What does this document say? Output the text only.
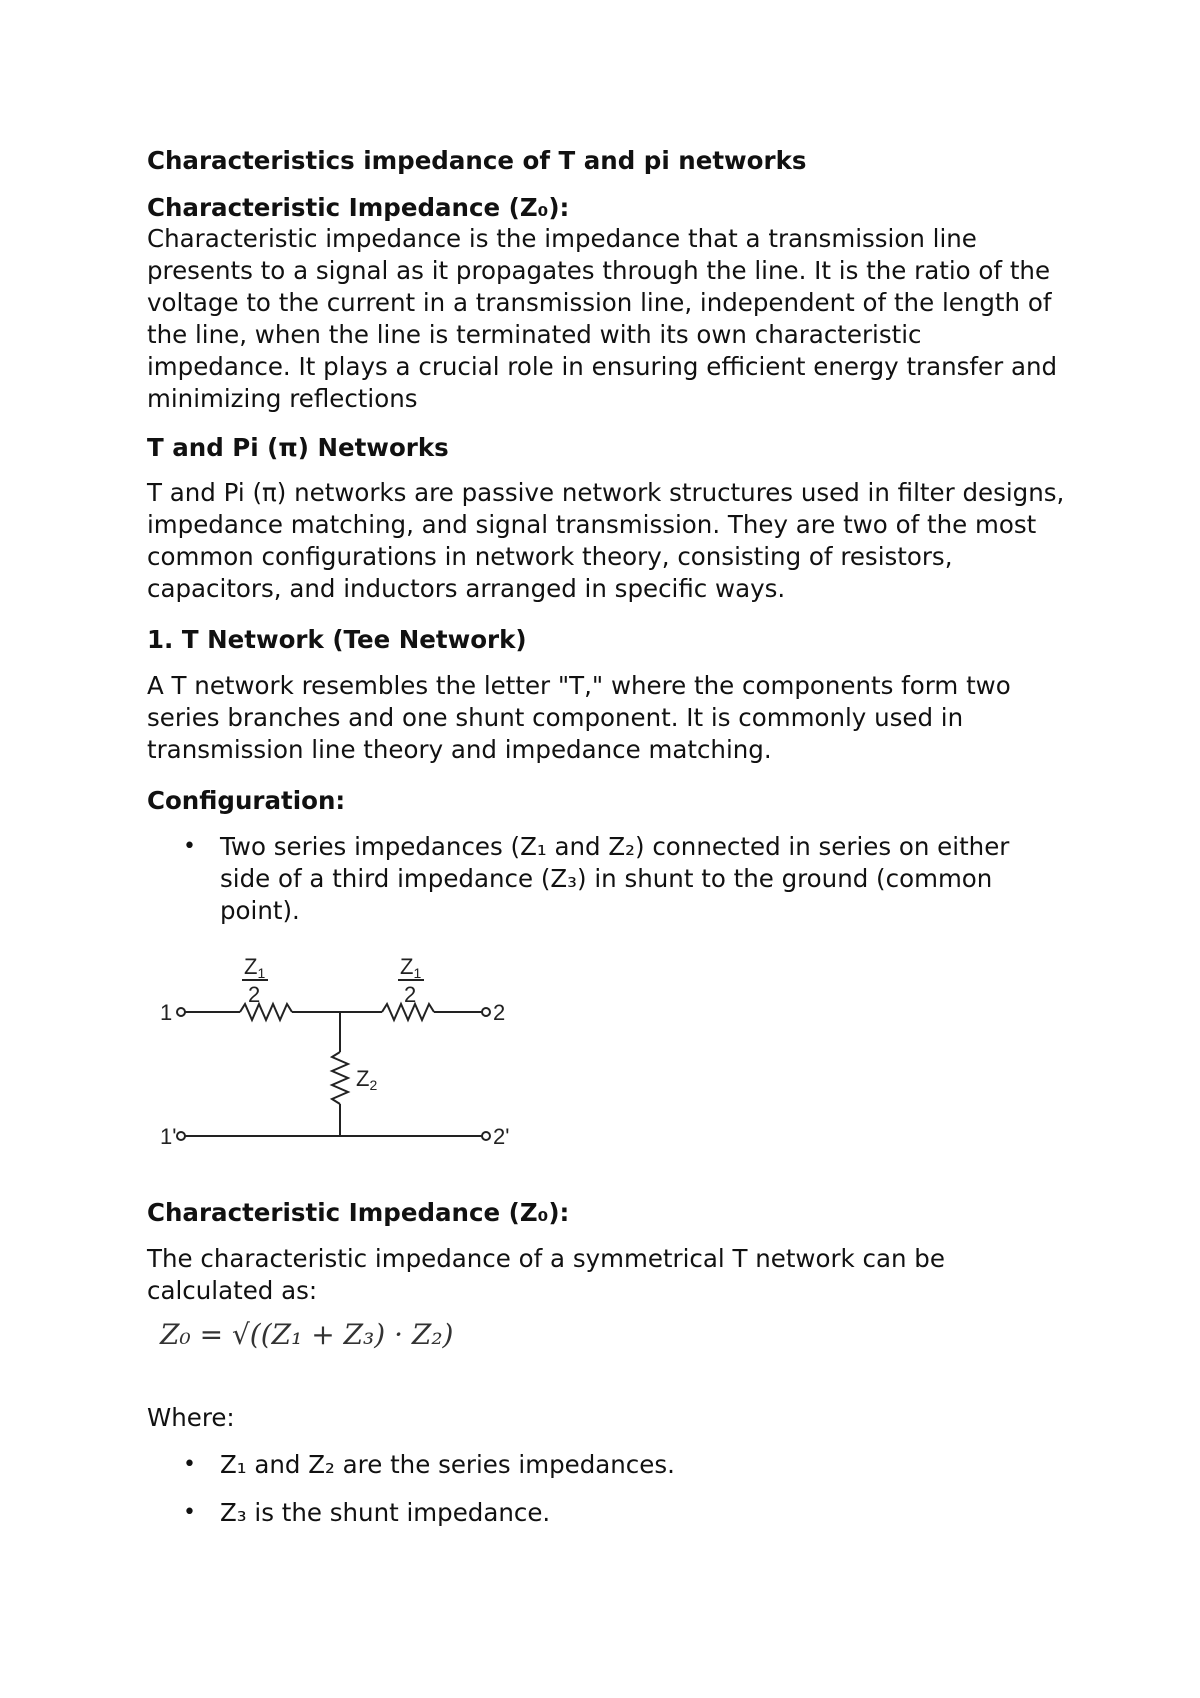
Characteristics impedance of T and pi networks

Characteristic Impedance (Z₀):

Characteristic impedance is the impedance that a transmission line presents to a signal as it propagates through the line. It is the ratio of the voltage to the current in a transmission line, independent of the length of the line, when the line is terminated with its own characteristic impedance. It plays a crucial role in ensuring efficient energy transfer and minimizing reflections

T and Pi (π) Networks

T and Pi (π) networks are passive network structures used in filter designs, impedance matching, and signal transmission. They are two of the most common configurations in network theory, consisting of resistors, capacitors, and inductors arranged in specific ways.

1. T Network (Tee Network)

A T network resembles the letter "T," where the components form two series branches and one shunt component. It is commonly used in transmission line theory and impedance matching.

Configuration:

• Two series impedances (Z₁ and Z₂) connected in series on either side of a third impedance (Z₃) in shunt to the ground (common point).

Characteristic Impedance (Z₀):

The characteristic impedance of a symmetrical T network can be calculated as:

Where:

• Z₁ and Z₂ are the series impedances.
• Z₃ is the shunt impedance.
1
1'
2
2'
Z1
2
Z1
2
Z2
Z₀ = √((Z₁ + Z₃) · Z₂)
